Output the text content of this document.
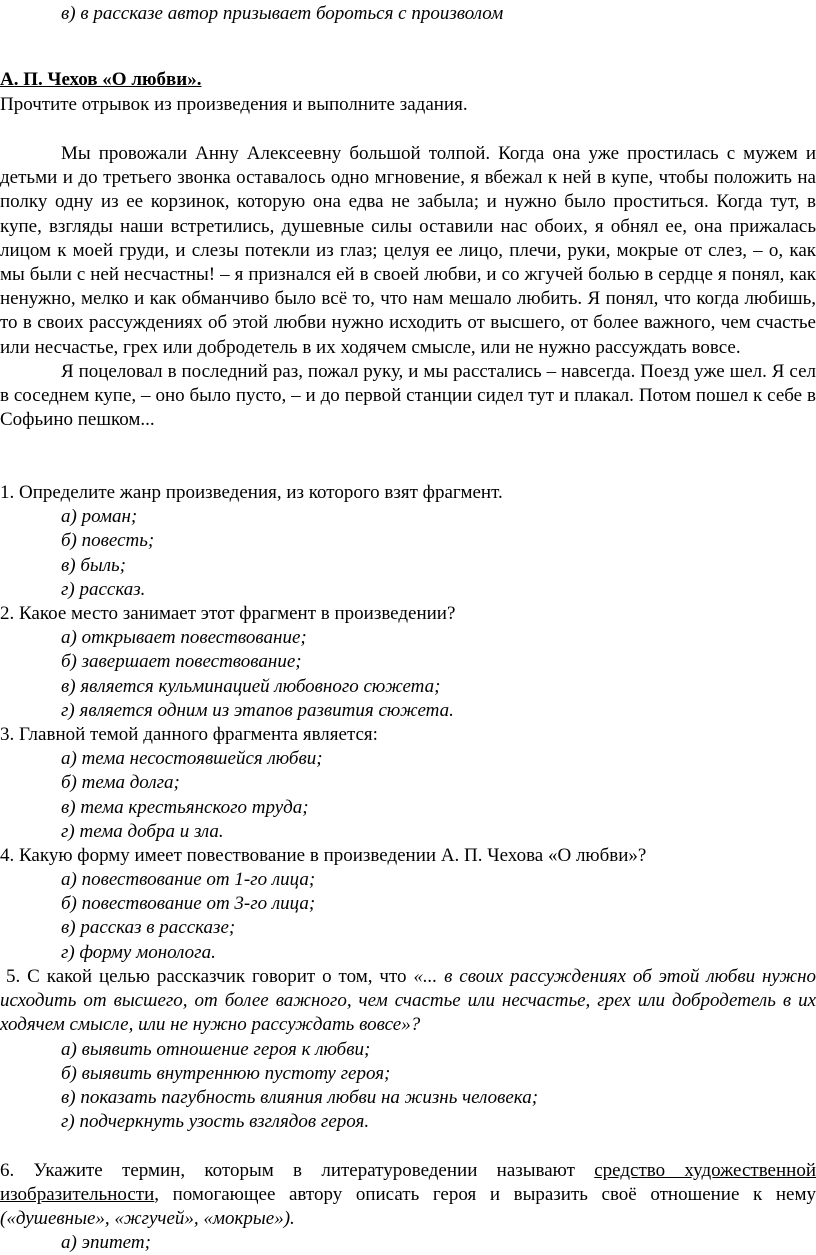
в) в рассказе автор призывает бороться с произволом
А. П. Чехов «О любви».
Прочтите отрывок из произведения и выполните задания.
Мы провожали Анну Алексеевну большой толпой. Когда она уже простилась с мужем и детьми и до третьего звонка оставалось одно мгновение, я вбежал к ней в купе, чтобы положить на полку одну из ее корзинок, которую она едва не забыла; и нужно было проститься. Когда тут, в купе, взгляды наши встретились, душевные силы оставили нас обоих, я обнял ее, она прижалась лицом к моей груди, и слезы потекли из глаз; целуя ее лицо, плечи, руки, мокрые от слез, – о, как мы были с ней несчастны! – я признался ей в своей любви, и со жгучей болью в сердце я понял, как ненужно, мелко и как обманчиво было всё то, что нам мешало любить. Я понял, что когда любишь, то в своих рассуждениях об этой любви нужно исходить от высшего, от более важного, чем счастье или несчастье, грех или добродетель в их ходячем смысле, или не нужно рассуждать вовсе.
Я поцеловал в последний раз, пожал руку, и мы расстались – навсегда. Поезд уже шел. Я сел в соседнем купе, – оно было пусто, – и до первой станции сидел тут и плакал. Потом пошел к себе в Софьино пешком...
1. Определите жанр произведения, из которого взят фрагмент.
а) роман;
б) повесть;
в) быль;
г) рассказ.
2. Какое место занимает этот фрагмент в произведении?
а) открывает повествование;
б) завершает повествование;
в) является кульминацией любовного сюжета;
г) является одним из этапов развития сюжета.
3. Главной темой данного фрагмента является:
а) тема несостоявшейся любви;
б) тема долга;
в) тема крестьянского труда;
г) тема добра и зла.
4. Какую форму имеет повествование в произведении А. П. Чехова «О любви»?
а) повествование от 1-го лица;
б) повествование от 3-го лица;
в) рассказ в рассказе;
г) форму монолога.
5. С какой целью рассказчик говорит о том, что «... в своих рассуждениях об этой любви нужно исходить от высшего, от более важного, чем счастье или несчастье, грех или добродетель в их ходячем смысле, или не нужно рассуждать вовсе»?
а) выявить отношение героя к любви;
б) выявить внутреннюю пустоту героя;
в) показать пагубность влияния любви на жизнь человека;
г) подчеркнуть узость взглядов героя.
6. Укажите термин, которым в литературоведении называют средство художественной изобразительности, помогающее автору описать героя и выразить своё отношение к нему («душевные», «жгучей», «мокрые»).
а) эпитет;
